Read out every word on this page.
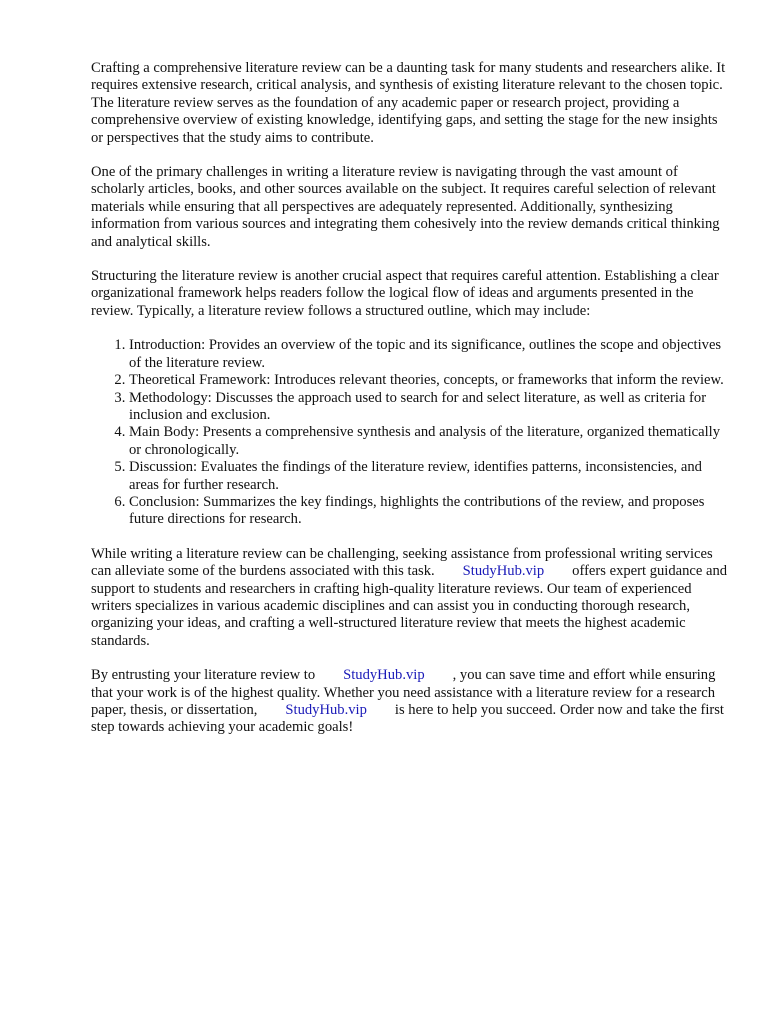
Crafting a comprehensive literature review can be a daunting task for many students and researchers alike. It requires extensive research, critical analysis, and synthesis of existing literature relevant to the chosen topic. The literature review serves as the foundation of any academic paper or research project, providing a comprehensive overview of existing knowledge, identifying gaps, and setting the stage for the new insights or perspectives that the study aims to contribute.

One of the primary challenges in writing a literature review is navigating through the vast amount of scholarly articles, books, and other sources available on the subject. It requires careful selection of relevant materials while ensuring that all perspectives are adequately represented. Additionally, synthesizing information from various sources and integrating them cohesively into the review demands critical thinking and analytical skills.

Structuring the literature review is another crucial aspect that requires careful attention. Establishing a clear organizational framework helps readers follow the logical flow of ideas and arguments presented in the review. Typically, a literature review follows a structured outline, which may include:

1. Introduction: Provides an overview of the topic and its significance, outlines the scope and objectives of the literature review.
2. Theoretical Framework: Introduces relevant theories, concepts, or frameworks that inform the review.
3. Methodology: Discusses the approach used to search for and select literature, as well as criteria for inclusion and exclusion.
4. Main Body: Presents a comprehensive synthesis and analysis of the literature, organized thematically or chronologically.
5. Discussion: Evaluates the findings of the literature review, identifies patterns, inconsistencies, and areas for further research.
6. Conclusion: Summarizes the key findings, highlights the contributions of the review, and proposes future directions for research.

While writing a literature review can be challenging, seeking assistance from professional writing services can alleviate some of the burdens associated with this task. StudyHub.vip offers expert guidance and support to students and researchers in crafting high-quality literature reviews. Our team of experienced writers specializes in various academic disciplines and can assist you in conducting thorough research, organizing your ideas, and crafting a well-structured literature review that meets the highest academic standards.

By entrusting your literature review to StudyHub.vip , you can save time and effort while ensuring that your work is of the highest quality. Whether you need assistance with a literature review for a research paper, thesis, or dissertation, StudyHub.vip is here to help you succeed. Order now and take the first step towards achieving your academic goals!
